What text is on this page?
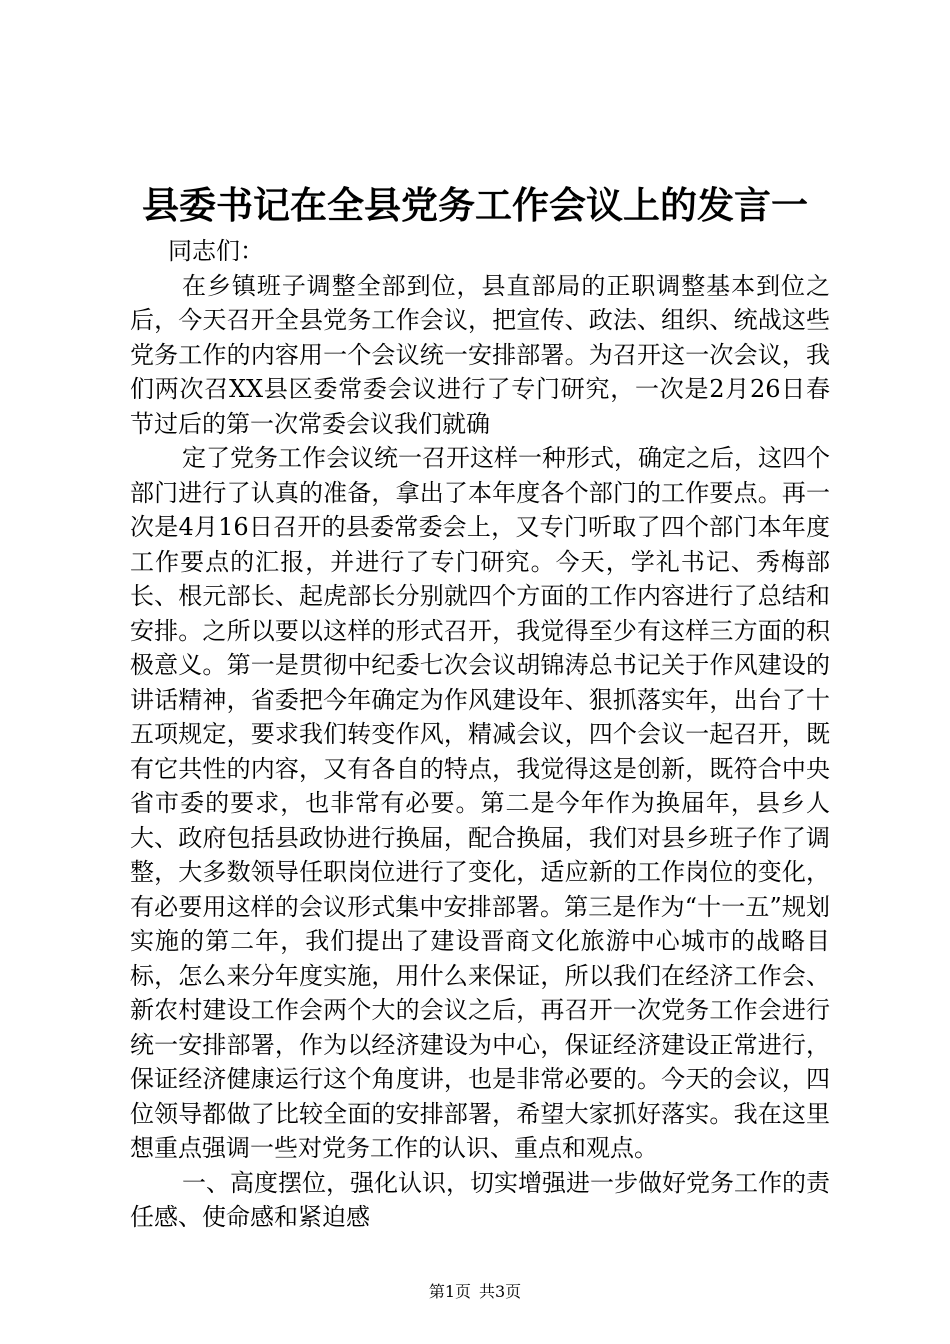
县委书记在全县党务工作会议上的发言一

同志们：

在乡镇班子调整全部到位，县直部局的正职调整基本到位之后，今天召开全县党务工作会议，把宣传、政法、组织、统战这些党务工作的内容用一个会议统一安排部署。为召开这一次会议，我们两次召XX县区委常委会议进行了专门研究，一次是2月26日春节过后的第一次常委会议我们就确

定了党务工作会议统一召开这样一种形式，确定之后，这四个部门进行了认真的准备，拿出了本年度各个部门的工作要点。再一次是4月16日召开的县委常委会上，又专门听取了四个部门本年度工作要点的汇报，并进行了专门研究。今天，学礼书记、秀梅部长、根元部长、起虎部长分别就四个方面的工作内容进行了总结和安排。之所以要以这样的形式召开，我觉得至少有这样三方面的积极意义。第一是贯彻中纪委七次会议胡锦涛总书记关于作风建设的讲话精神，省委把今年确定为作风建设年、狠抓落实年，出台了十五项规定，要求我们转变作风，精减会议，四个会议一起召开，既有它共性的内容，又有各自的特点，我觉得这是创新，既符合中央省市委的要求，也非常有必要。第二是今年作为换届年，县乡人大、政府包括县政协进行换届，配合换届，我们对县乡班子作了调整，大多数领导任职岗位进行了变化，适应新的工作岗位的变化，有必要用这样的会议形式集中安排部署。第三是作为“十一五”规划实施的第二年，我们提出了建设晋商文化旅游中心城市的战略目标，怎么来分年度实施，用什么来保证，所以我们在经济工作会、新农村建设工作会两个大的会议之后，再召开一次党务工作会进行统一安排部署，作为以经济建设为中心，保证经济建设正常进行，保证经济健康运行这个角度讲，也是非常必要的。今天的会议，四位领导都做了比较全面的安排部署，希望大家抓好落实。我在这里想重点强调一些对党务工作的认识、重点和观点。

一、高度摆位，强化认识，切实增强进一步做好党务工作的责任感、使命感和紧迫感

第1页 共3页
